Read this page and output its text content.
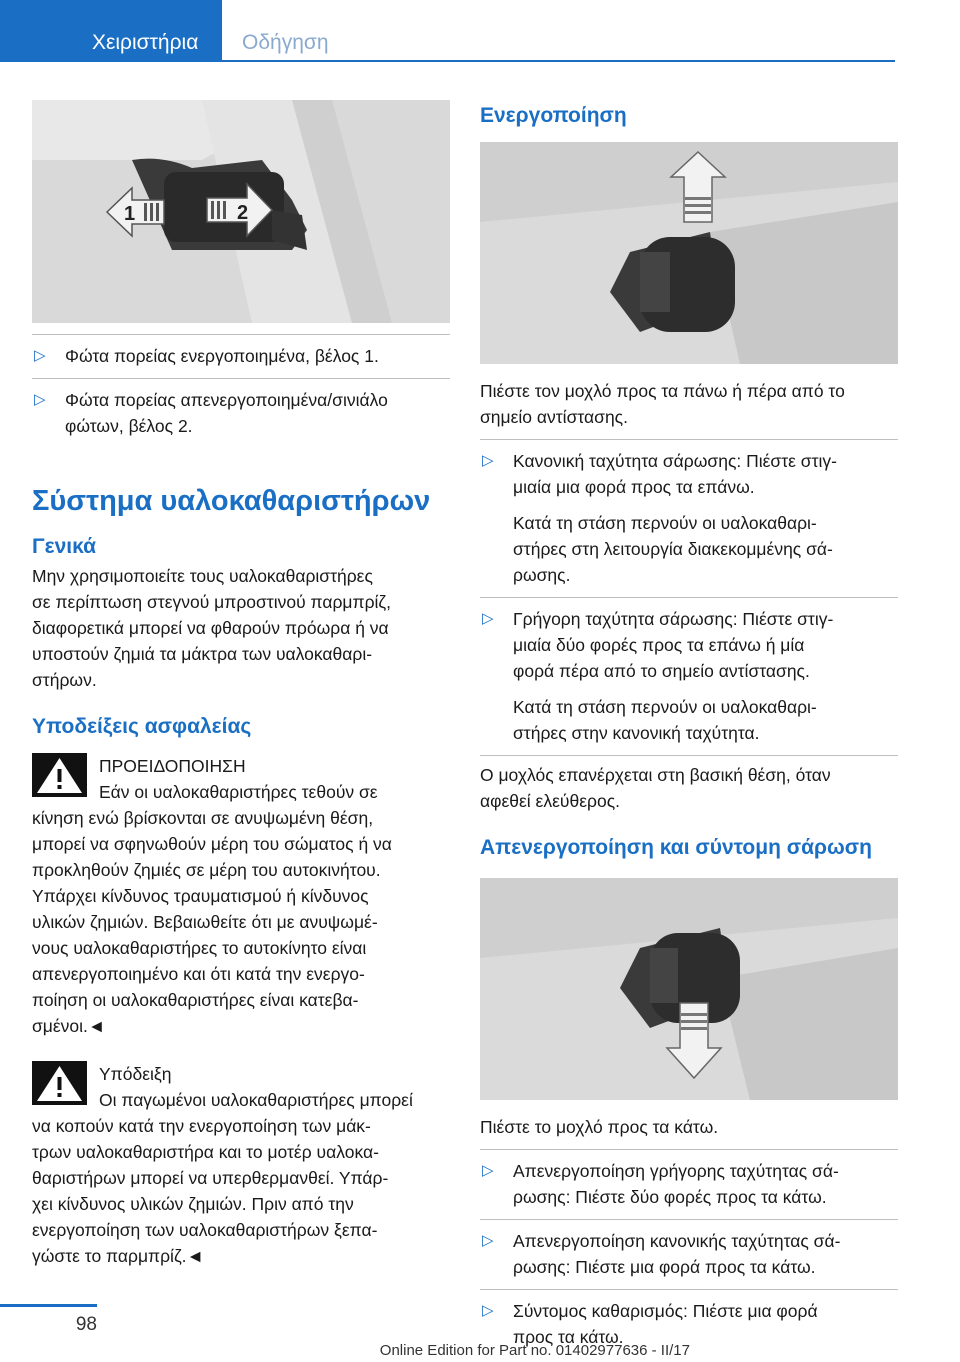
Χειριστήρια	Οδήγηση
1	2
▷ Φώτα πορείας ενεργοποιημένα, βέλος 1.
▷ Φώτα πορείας απενεργοποιημένα/σινιάλο φώτων, βέλος 2.
Σύστημα υαλοκαθαριστήρων
Γενικά
Μην χρησιμοποιείτε τους υαλοκαθαριστήρες
σε περίπτωση στεγνού μπροστινού παρμπρίζ,
διαφορετικά μπορεί να φθαρούν πρόωρα ή να
υποστούν ζημιά τα μάκτρα των υαλοκαθαρι-
στήρων.
Υποδείξεις ασφαλείας
ΠΡΟΕΙΔΟΠΟΙΗΣΗ
Εάν οι υαλοκαθαριστήρες τεθούν σε
κίνηση ενώ βρίσκονται σε ανυψωμένη θέση,
μπορεί να σφηνωθούν μέρη του σώματος ή να
προκληθούν ζημιές σε μέρη του αυτοκινήτου.
Υπάρχει κίνδυνος τραυματισμού ή κίνδυνος
υλικών ζημιών. Βεβαιωθείτε ότι με ανυψωμέ-
νους υαλοκαθαριστήρες το αυτοκίνητο είναι
απενεργοποιημένο και ότι κατά την ενεργο-
ποίηση οι υαλοκαθαριστήρες είναι κατεβα-
σμένοι.◄
Υπόδειξη
Οι παγωμένοι υαλοκαθαριστήρες μπορεί
να κοπούν κατά την ενεργοποίηση των μάκ-
τρων υαλοκαθαριστήρα και το μοτέρ υαλοκα-
θαριστήρων μπορεί να υπερθερμανθεί. Υπάρ-
χει κίνδυνος υλικών ζημιών. Πριν από την
ενεργοποίηση των υαλοκαθαριστήρων ξεπα-
γώστε το παρμπρίζ.◄
Ενεργοποίηση
Πιέστε τον μοχλό προς τα πάνω ή πέρα από το
σημείο αντίστασης.
▷ Κανονική ταχύτητα σάρωσης: Πιέστε στιγ-
μιαία μια φορά προς τα επάνω.
Κατά τη στάση περνούν οι υαλοκαθαρι-
στήρες στη λειτουργία διακεκομμένης σά-
ρωσης.
▷ Γρήγορη ταχύτητα σάρωσης: Πιέστε στιγ-
μιαία δύο φορές προς τα επάνω ή μία
φορά πέρα από το σημείο αντίστασης.
Κατά τη στάση περνούν οι υαλοκαθαρι-
στήρες στην κανονική ταχύτητα.
Ο μοχλός επανέρχεται στη βασική θέση, όταν
αφεθεί ελεύθερος.
Απενεργοποίηση και σύντομη σάρωση
Πιέστε το μοχλό προς τα κάτω.
▷ Απενεργοποίηση γρήγορης ταχύτητας σά-
ρωσης: Πιέστε δύο φορές προς τα κάτω.
▷ Απενεργοποίηση κανονικής ταχύτητας σά-
ρωσης: Πιέστε μια φορά προς τα κάτω.
▷ Σύντομος καθαρισμός: Πιέστε μια φορά
προς τα κάτω.
98
Online Edition for Part no. 01402977636 - II/17
